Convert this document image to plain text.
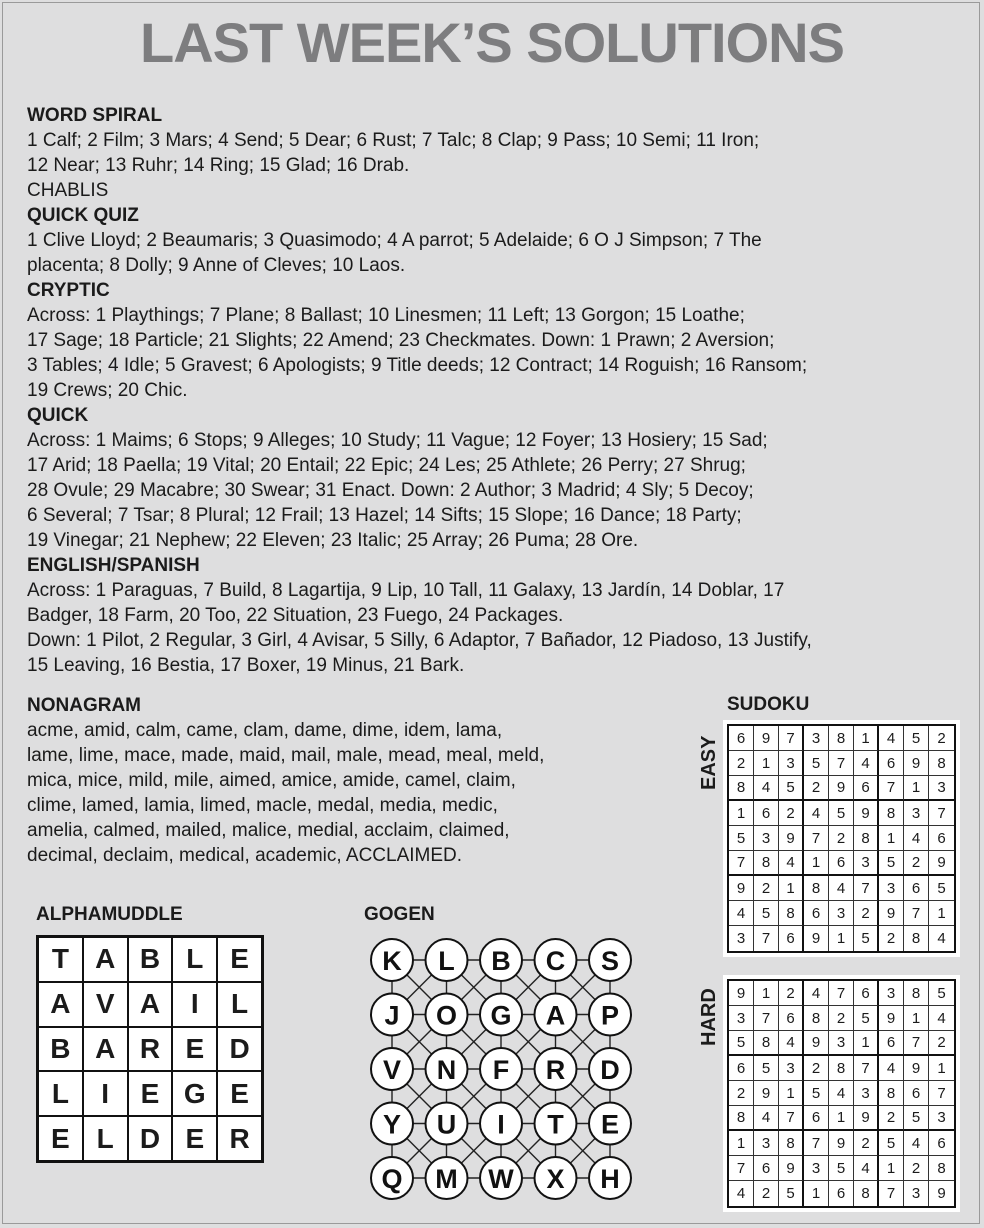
LAST WEEK’S SOLUTIONS
WORD SPIRAL

1 Calf; 2 Film; 3 Mars; 4 Send; 5 Dear; 6 Rust; 7 Talc; 8 Clap; 9 Pass; 10 Semi; 11 Iron;

12 Near; 13 Ruhr; 14 Ring; 15 Glad; 16 Drab.

CHABLIS

QUICK QUIZ

1 Clive Lloyd; 2 Beaumaris; 3 Quasimodo; 4 A parrot; 5 Adelaide; 6 O J Simpson; 7 The

placenta; 8 Dolly; 9 Anne of Cleves; 10 Laos.

CRYPTIC

Across: 1 Playthings; 7 Plane; 8 Ballast; 10 Linesmen; 11 Left; 13 Gorgon; 15 Loathe;

17 Sage; 18 Particle; 21 Slights; 22 Amend; 23 Checkmates. Down: 1 Prawn; 2 Aversion;

3 Tables; 4 Idle; 5 Gravest; 6 Apologists; 9 Title deeds; 12 Contract; 14 Roguish; 16 Ransom;

19 Crews; 20 Chic.

QUICK

Across: 1 Maims; 6 Stops; 9 Alleges; 10 Study; 11 Vague; 12 Foyer; 13 Hosiery; 15 Sad;

17 Arid; 18 Paella; 19 Vital; 20 Entail; 22 Epic; 24 Les; 25 Athlete; 26 Perry; 27 Shrug;

28 Ovule; 29 Macabre; 30 Swear; 31 Enact. Down: 2 Author; 3 Madrid; 4 Sly; 5 Decoy;

6 Several; 7 Tsar; 8 Plural; 12 Frail; 13 Hazel; 14 Sifts; 15 Slope; 16 Dance; 18 Party;

19 Vinegar; 21 Nephew; 22 Eleven; 23 Italic; 25 Array; 26 Puma; 28 Ore.

ENGLISH/SPANISH

Across: 1 Paraguas, 7 Build, 8 Lagartija, 9 Lip, 10 Tall, 11 Galaxy, 13 Jardín, 14 Doblar, 17

Badger, 18 Farm, 20 Too, 22 Situation, 23 Fuego, 24 Packages.

Down: 1 Pilot, 2 Regular, 3 Girl, 4 Avisar, 5 Silly, 6 Adaptor, 7 Bañador, 12 Piadoso, 13 Justify,

15 Leaving, 16 Bestia, 17 Boxer, 19 Minus, 21 Bark.

NONAGRAM

acme, amid, calm, came, clam, dame, dime, idem, lama,

lame, lime, mace, made, maid, mail, male, mead, meal, meld,

mica, mice, mild, mile, aimed, amice, amide, camel, claim,

clime, lamed, lamia, limed, macle, medal, media, medic,

amelia, calmed, mailed, malice, medial, acclaim, claimed,

decimal, declaim, medical, academic, ACCLAIMED.

ALPHAMUDDLE
T A B L E
A V A	I	L
B A R E D
L	I	E G E
E L D E R
GOGEN
K L B C S
J O G A P
V N F R D
Y U I T E
Q M W X H
SUDOKU
EASY	6	9	7	3	8	1	4	5	2
2	1	3	5	7	4	6	9	8
8	4	5	2	9	6	7	1	3
1	6	2	4	5	9	8	3	7
5	3	9	7	2	8	1	4	6
7	8	4	1	6	3	5	2	9
9	2	1	8	4	7	3	6	5
4	5	8	6	3	2	9	7	1
3	7	6	9	1	5	2	8	4
HARD	9	1	2	4	7	6	3	8	5
3	7	6	8	2	5	9	1	4
5	8	4	9	3	1	6	7	2
6	5	3	2	8	7	4	9	1
2	9	1	5	4	3	8	6	7
8	4	7	6	1	9	2	5	3
1	3	8	7	9	2	5	4	6
7	6	9	3	5	4	1	2	8
4	2	5	1	6	8	7	3	9
